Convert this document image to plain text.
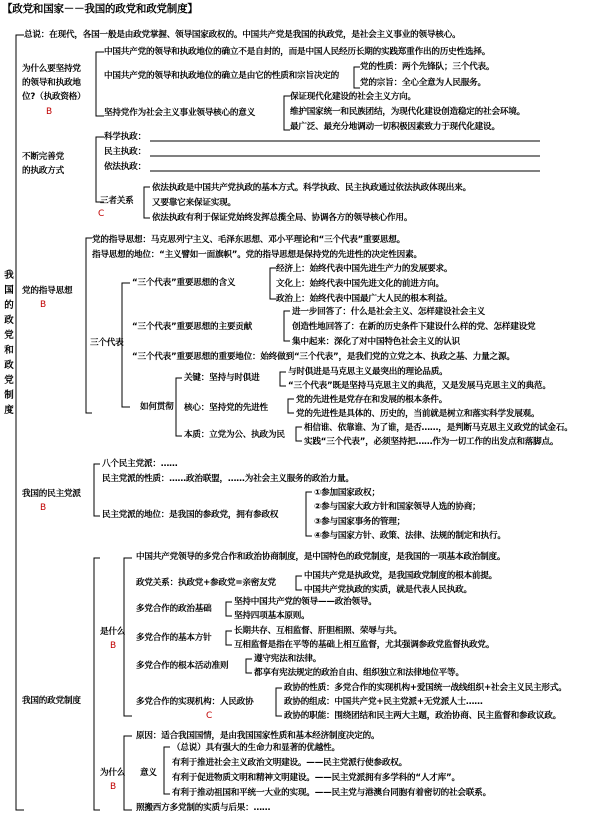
【政党和国家－－我国的政党和政党制度】
我国的政党和政党制度
总说：在现代，各国一般是由政党掌握、领导国家政权的。中国共产党是我国的执政党，是社会主义事业的领导核心。
为什么要坚持党
的领导和执政地
位?（执政资格）
B
中国共产党的领导和执政地位的确立不是自封的，而是中国人民经历长期的实践郑重作出的历史性选择。
中国共产党的领导和执政地位的确立是由它的性质和宗旨决定的
党的性质：两个先锋队；三个代表。
党的宗旨：全心全意为人民服务。
坚持党作为社会主义事业领导核心的意义
保证现代化建设的社会主义方向。
维护国家统一和民族团结，为现代化建设创造稳定的社会环境。
最广泛、最充分地调动一切积极因素致力于现代化建设。
不断完善党
的执政方式
科学执政：
民主执政：
依法执政：
三者关系
C
依法执政是中国共产党执政的基本方式。科学执政、民主执政通过依法执政体现出来。
又要靠它来保证实现。
依法执政有利于保证党始终发挥总揽全局、协调各方的领导核心作用。
党的指导思想
B
党的指导思想：马克思列宁主义、毛泽东思想、邓小平理论和“三个代表”重要思想。
指导思想的地位：“主义譬如一面旗帜”。党的指导思想是保持党的先进性的决定性因素。
三个代表
“三个代表”重要思想的含义
经济上：始终代表中国先进生产力的发展要求。
文化上：始终代表中国先进文化的前进方向。
政治上：始终代表中国最广大人民的根本利益。
“三个代表”重要思想的主要贡献
进一步回答了：什么是社会主义、怎样建设社会主义
创造性地回答了：在新的历史条件下建设什么样的党、怎样建设党
集中起来：深化了对中国特色社会主义的认识
“三个代表”重要思想的重要地位：始终做到“三个代表”，是我们党的立党之本、执政之基、力量之源。
如何贯彻
关键：坚持与时俱进
与时俱进是马克思主义最突出的理论品质。
“三个代表”既是坚持马克思主义的典范，又是发展马克思主义的典范。
核心：坚持党的先进性
党的先进性是党存在和发展的根本条件。
党的先进性是具体的、历史的，当前就是树立和落实科学发展观。
本质：立党为公、执政为民
相信谁、依靠谁、为了谁，是否……，是判断马克思主义政党的试金石。
实践“三个代表”，必须坚持把……作为一切工作的出发点和落脚点。
我国的民主党派
B
八个民主党派：……
民主党派的性质：……政治联盟，……为社会主义服务的政治力量。
民主党派的地位：是我国的参政党，拥有参政权
①参加国家政权；
②参与国家大政方针和国家领导人选的协商；
③参与国家事务的管理；
④参与国家方针、政策、法律、法规的制定和执行。
我国的政党制度
是什么
B
中国共产党领导的多党合作和政治协商制度，是中国特色的政党制度，是我国的一项基本政治制度。
政党关系：执政党+参政党=亲密友党
中国共产党是执政党，是我国政党制度的根本前提。
中国共产党执政的实质，就是代表人民执政。
多党合作的政治基础
坚持中国共产党的领导——政治领导。
坚持四项基本原则。
多党合作的基本方针
长期共存、互相监督、肝胆相照、荣辱与共。
互相监督是指在平等的基础上相互监督，尤其强调参政党监督执政党。
多党合作的根本活动准则
遵守宪法和法律。
都享有宪法规定的政治自由、组织独立和法律地位平等。
多党合作的实现机构：人民政协
C
政协的性质：多党合作的实现机构+爱国统一战线组织+社会主义民主形式。
政协的组成：中国共产党+民主党派+无党派人士……
政协的职能：围绕团结和民主两大主题，政治协商、民主监督和参政议政。
为什么
B
原因：适合我国国情，是由我国国家性质和基本经济制度决定的。
意义
（总说）具有强大的生命力和显著的优越性。
有利于推进社会主义政治文明建设。——民主党派行使参政权。
有利于促进物质文明和精神文明建设。——民主党派拥有多学科的“人才库”。
有利于推动祖国和平统一大业的实现。——民主党与港澳台同胞有着密切的社会联系。
照搬西方多党制的实质与后果：……
